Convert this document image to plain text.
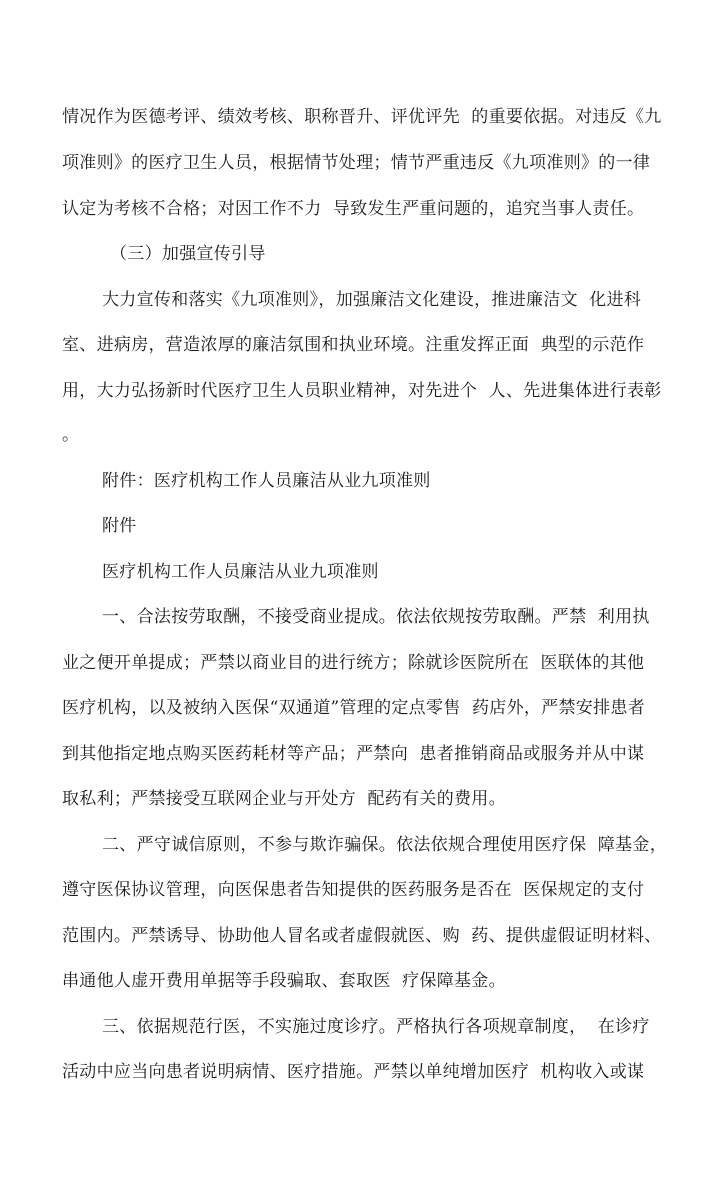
情况作为医德考评、绩效考核、职称晋升、评优评先  的重要依据。对违反《九
项准则》的医疗卫生人员，根据情节处理；情节严重违反《九项准则》的一律
认定为考核不合格；对因工作不力  导致发生严重问题的，追究当事人责任。
（三）加强宣传引导
大力宣传和落实《九项准则》，加强廉洁文化建设，推进廉洁文  化进科
室、进病房，营造浓厚的廉洁氛围和执业环境。注重发挥正面  典型的示范作
用，大力弘扬新时代医疗卫生人员职业精神，对先进个  人、先进集体进行表彰
。
附件：医疗机构工作人员廉洁从业九项准则
附件
医疗机构工作人员廉洁从业九项准则
一、合法按劳取酬，不接受商业提成。依法依规按劳取酬。严禁  利用执
业之便开单提成；严禁以商业目的进行统方；除就诊医院所在  医联体的其他
医疗机构，以及被纳入医保“双通道”管理的定点零售  药店外，严禁安排患者
到其他指定地点购买医药耗材等产品；严禁向  患者推销商品或服务并从中谋
取私利；严禁接受互联网企业与开处方  配药有关的费用。
二、严守诚信原则，不参与欺诈骗保。依法依规合理使用医疗保  障基金，
遵守医保协议管理，向医保患者告知提供的医药服务是否在  医保规定的支付
范围内。严禁诱导、协助他人冒名或者虚假就医、购  药、提供虚假证明材料、
串通他人虚开费用单据等手段骗取、套取医  疗保障基金。
三、依据规范行医，不实施过度诊疗。严格执行各项规章制度，  在诊疗
活动中应当向患者说明病情、医疗措施。严禁以单纯增加医疗  机构收入或谋
